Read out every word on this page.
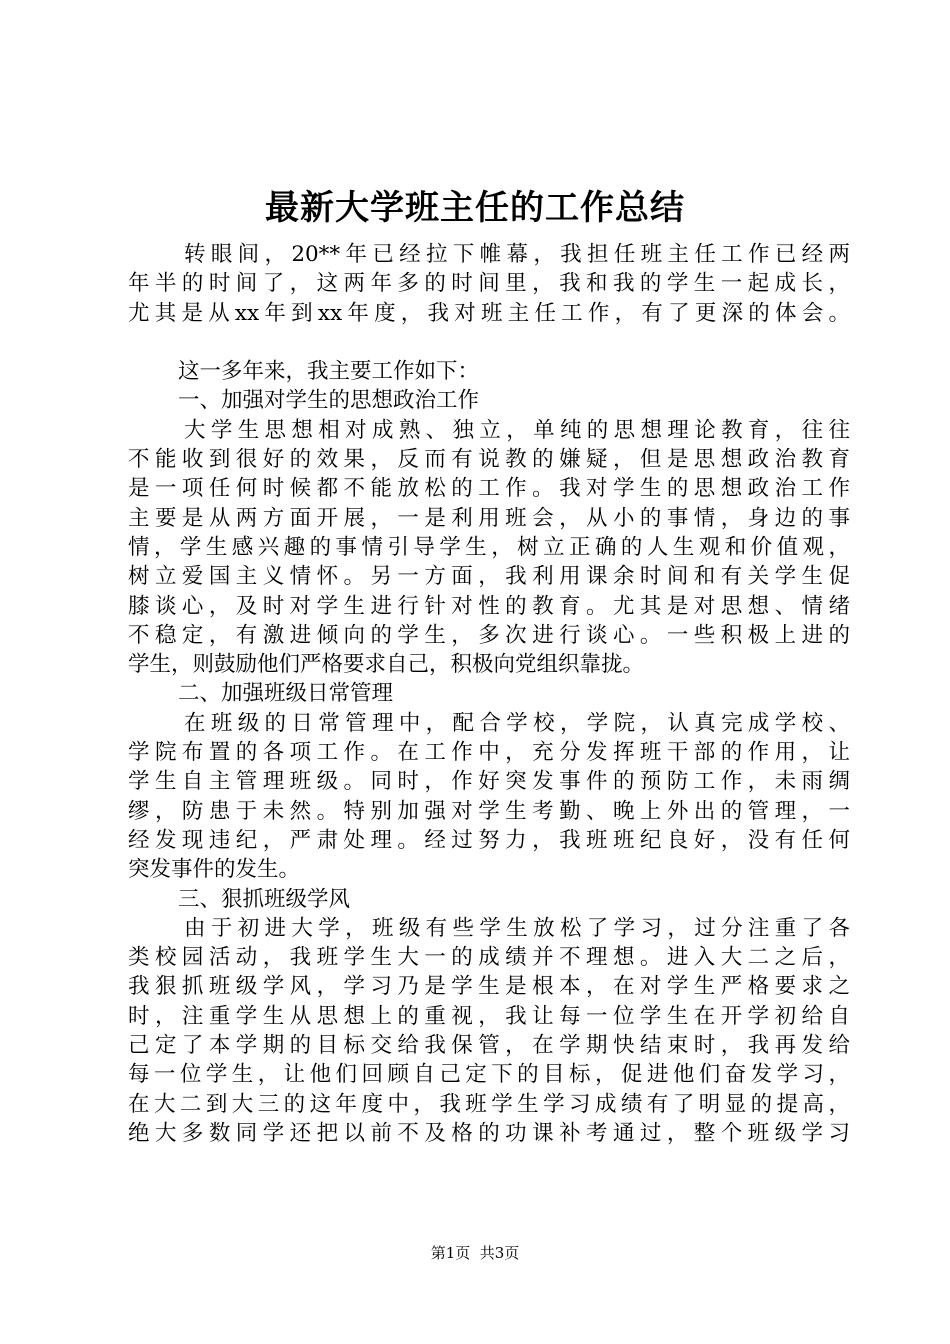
最新大学班主任的工作总结
转眼间，20**年已经拉下帷幕，我担任班主任工作已经两
年半的时间了，这两年多的时间里，我和我的学生一起成长，
尤其是从xx年到xx年度，我对班主任工作，有了更深的体会。
这一多年来，我主要工作如下：
一、加强对学生的思想政治工作
大学生思想相对成熟、独立，单纯的思想理论教育，往往
不能收到很好的效果，反而有说教的嫌疑，但是思想政治教育
是一项任何时候都不能放松的工作。我对学生的思想政治工作
主要是从两方面开展，一是利用班会，从小的事情，身边的事
情，学生感兴趣的事情引导学生，树立正确的人生观和价值观，
树立爱国主义情怀。另一方面，我利用课余时间和有关学生促
膝谈心，及时对学生进行针对性的教育。尤其是对思想、情绪
不稳定，有激进倾向的学生，多次进行谈心。一些积极上进的
学生，则鼓励他们严格要求自己，积极向党组织靠拢。
二、加强班级日常管理
在班级的日常管理中，配合学校，学院，认真完成学校、
学院布置的各项工作。在工作中，充分发挥班干部的作用，让
学生自主管理班级。同时，作好突发事件的预防工作，未雨绸
缪，防患于未然。特别加强对学生考勤、晚上外出的管理，一
经发现违纪，严肃处理。经过努力，我班班纪良好，没有任何
突发事件的发生。
三、狠抓班级学风
由于初进大学，班级有些学生放松了学习，过分注重了各
类校园活动，我班学生大一的成绩并不理想。进入大二之后，
我狠抓班级学风，学习乃是学生是根本，在对学生严格要求之
时，注重学生从思想上的重视，我让每一位学生在开学初给自
己定了本学期的目标交给我保管，在学期快结束时，我再发给
每一位学生，让他们回顾自己定下的目标，促进他们奋发学习，
在大二到大三的这年度中，我班学生学习成绩有了明显的提高，
绝大多数同学还把以前不及格的功课补考通过，整个班级学习
第1页  共3页
